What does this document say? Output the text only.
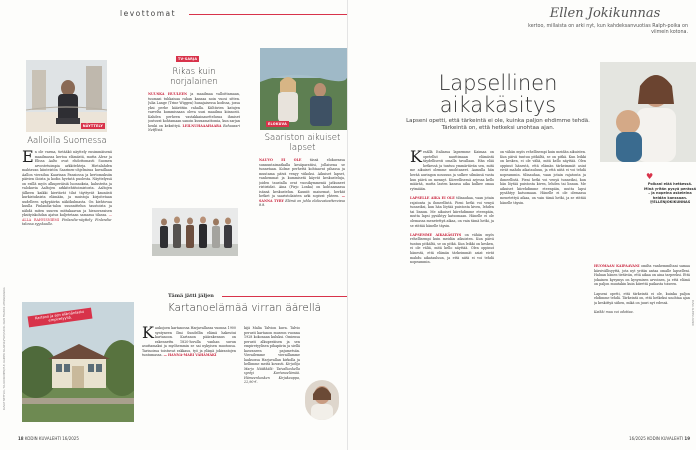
levottomat
NÄYTTELY
Aalloilla Suomessa
En ole varma, tietääkö näyttely ensimmäisenä maailmassa kertoa elämästä, mutta Alvar ja Elissa Aalto ovat ehdottomasti Suomen arvostetuimpia arkkitehteja. Hietalahden mahtavan kiinteistön Saarinen-ohjelmissa kuvaillaan Aallon vierailua Kaarinan Pansiossa ja kertomuksiin päivien iloista ja kodin hyvästä puolesta. Näyttelyssä on esillä myös alkuperäisiä luonnoksia, kalusteita ja valokuvia Aaltojen arkkitehtitoimistosta. Aaltojen jälkeen kaikki kiertävät tilat täyttyvät kauniisti kurkistuksista elämään, ja muistoja kirjoitetaan uudelleen nykypäivän näkökulmasta. On kiehtovaa kuulla Finlandia-talon suunnittelun taustoista ja nähdä miten suuren mittakaavan ja hienovaraisen yksityiskohdan ajatus kuljetetaan samassa tilassa. — ALLA RAHVISNIEMI Finlandia-näyttely Finlandia-talossa syyskuulle.
TV-SARJA
Rikas kuin norjalainen
NUUSKA HUULEEN ja maailmaa valloittamaan, tuumasi tuhkaisaa rahan kansaa noin vuosi sitten. Julia Lange (Trine Wiggen) hunajaisessa kodissa, jossa yksi perhe käärittiin rahalla. Kiiltävien katujen varrelta kummissaan oleva uusi maailma kiinnosti. Kahden perheen vastakkainasettelussa ihmiset joutuvat kohtamaan sanoin kuvaamattomia, kun sarjan henki on keksittyä. LEILNUHAAAHAARA Rahaasari Netflixiä.
ELOKUVA
Saariston aikuiset lapset
NAUVO EI OLE	tässä elokuvassa sunnuntaimatkalla kesäparatiisi, jollaisena se tunnetaan. Kolme perhettä kohtaavat pihassa ja muutama päivä venyy viikoksi. Aikuiset lapset, vanhemmat ja kummisetä käyvät keskusteluja, joiden taustalla ovat vuosikymmeniä jatkuneet ristiriidat. Aina (Pirjo Lonka) on kohtaamassa isänsä keskustelun. Kauniit maisemat, herkät hetket ja saaristolaisten arki sopivat yhteen. — SANNA TYRY Elämä on juhla elokuvateattereissa 8.8.
Tämä jätti jäljen
Kartanoelämää virran äärellä
Kartano ja sen elämänlaatu empiretyyliä.
Kaukojoen kartanossa Harjavallassa vuonna 1900 syntyneen Ilmi Sundellin elämä hakeutui kartanoon. Kartanon päärakennus on rakennettu 1820-luvulla vanhan suvun asuttamaksi ja myöhemmin se sai nykyisen muotonsa. Tarinoissa toistuvat rakkaus, työ ja elämä jokirantojen tuntumassa. — HANNA-MARI VÄHÄMÄKI
kijä Malia Talvion kuva. Talvio perusti kartanon museon vuonna 1928 kokonaan kuluksi. Omiensa perusti alkuperäisen ja sen empiretyylisen pihapiirin ja siellä kasvaneen pajumetsän. Vierailemme vieraillamme laaksossa Harjavallan kirkolla ja hellimme meitä kovasti. Kirjailija Marjo Nääkkälä: Taivalkoskella syntyi Kartanoelämää. Hämeenkosken Kirjakauppa, 22,90 €.
18 KODIN KUVALEHTI 16/2025
KUVAT NETFLIX, TIA ROIKONEN/YLE, RAINER SILANSKI/YLE/VUOSI, DIAN FRANCK AYMAR/RAKKA
Ellen Jokikunnas
kertoo, millaista on arki nyt, kun kahdeksanvuotias Ralph-poika on viimein kotona.
Lapsellinen aikakäsitys
Lapseni opetti, että tärkeintä ei ole, kuinka paljon ehdimme tehdä. Tärkeintä on, että hetkeksi unohtaa ajan.
Poikani elää hetkessä. Minä yritän pysyä perässä – ja nopeina askeleina heidän kanssaan. @ELLENJOKIKUNNAS
♥
Kesällä Italiassa lapsemme Kaimaa on opetellut nauttimaan elämästä täydellisesti omalla tavallaan. Hän elää hetkessä ja tuntuu ymmärtävän sen, mitä me aikuiset olemme unohtaneet. Aamulla hän herää auringon nousuun ja sulkee silmänsä vasta kun päivä on mennyt. Kiireellisessä arjessa kello määrää, mutta lasten kanssa aika kulkee omaa rytmiään.

LAPSELLE AIKA EI OLE tilinauhaa, vaan jotain rajatonta ja ihmeellistä. Pieni hetki voi venyä tunneiksi, kun hän löytää puistosta kiven, lehden tai linnun. Me aikuiset kiirehdimme eteenpäin, mutta lapsi pysähtyy katsomaan. Hänelle ei ole olemassa menetettyä aikaa, on vain tämä hetki, ja se riittää hänelle täysin.

LAPSEMME AIKAKÄSITYS on vähän myös rehellisempi kuin meidän aikuisten. Kun päivä tuntuu pitkältä, se on pitkä. Kun leikki on kesken, ei ole väliä, mitä kello näyttää. Olen oppinut hänestä, että elämän tärkeimmät asiat eivät mahdu aikatauluun, ja että niitä ei voi tehdä nopeammin.
on vähän myös rehellisempi kuin meidän aikuisten. Kun päivä tuntuu pitkältä, se on pitkä. Kun leikki on kesken, ei ole väliä, mitä kello näyttää. Olen oppinut hänestä, että elämän tärkeimmät asiat eivät mahdu aikatauluun, ja että niitä ei voi tehdä nopeammin. tilinauhaa, vaan jotain rajatonta ja ihmeellistä. Pieni hetki voi venyä tunneiksi, kun hän löytää puistosta kiven, lehden tai linnun. Me aikuiset kiirehdimme eteenpäin, mutta lapsi pysähtyy katsomaan. Hänelle ei ole olemassa menetettyä aikaa, on vain tämä hetki, ja se riittää hänelle täysin.
HUOMAAN KAIPAAVANI omilta vanhemmiltani samaa kärsivällisyyttä, jota nyt yritän antaa omalle lapselleni. Haluan hänen tietävän, että aikaa on aina tarpeeksi. Että jokainen kysymys on kysymisen arvoinen, ja että elämä on paljon muutakin kuin kiirettä paikasta toiseen.

Lapseni opetti, että tärkeintä ei ole, kuinka paljon ehdimme tehdä. Tärkeintä on, että hetkeksi unohtaa ajan ja keskittyä siihen, mikä on juuri nyt edessä.

Kaikki muu voi odottaa.	KUVA ALEKSI AUNIO
16/2025 KODIN KUVALEHTI 19
